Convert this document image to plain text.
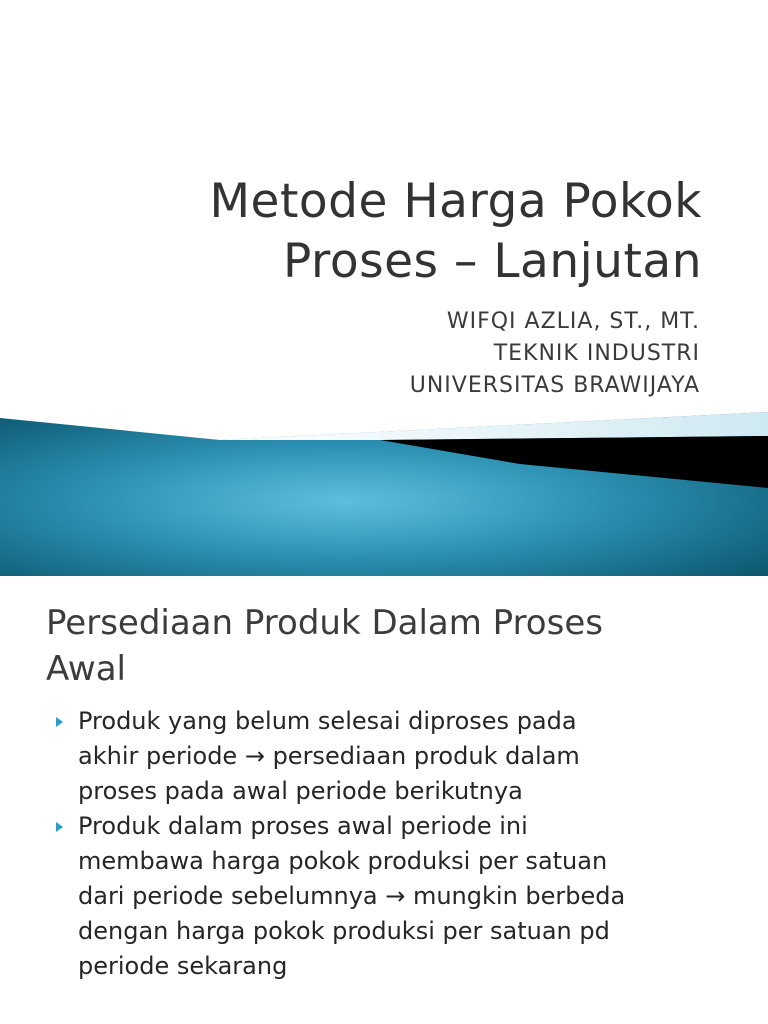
Metode Harga Pokok
Proses – Lanjutan
WIFQI AZLIA, ST., MT.
TEKNIK INDUSTRI
UNIVERSITAS BRAWIJAYA
Persediaan Produk Dalam Proses
Awal
Produk yang belum selesai diproses pada
akhir periode → persediaan produk dalam
proses pada awal periode berikutnya
Produk dalam proses awal periode ini
membawa harga pokok produksi per satuan
dari periode sebelumnya → mungkin berbeda
dengan harga pokok produksi per satuan pd
periode sekarang
